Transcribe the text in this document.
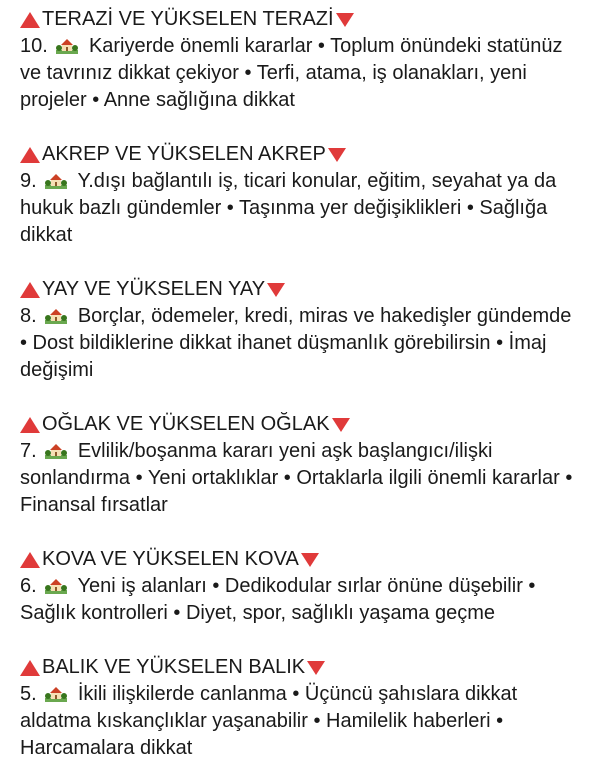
TERAZİ VE YÜKSELEN TERAZİ
10. Kariyerde önemli kararlar • Toplum önündeki statünüz ve tavrınız dikkat çekiyor • Terfi, atama, iş olanakları, yeni projeler • Anne sağlığına dikkat
AKREP VE YÜKSELEN AKREP
9. Y.dışı bağlantılı iş, ticari konular, eğitim, seyahat ya da hukuk bazlı gündemler • Taşınma yer değişiklikleri • Sağlığa dikkat
YAY VE YÜKSELEN YAY
8. Borçlar, ödemeler, kredi, miras ve hakedişler gündemde • Dost bildiklerine dikkat ihanet düşmanlık görebilirsin • İmaj değişimi
OĞLAK VE YÜKSELEN OĞLAK
7. Evlilik/boşanma kararı yeni aşk başlangıcı/ilişki sonlandırma • Yeni ortaklıklar • Ortaklarla ilgili önemli kararlar • Finansal fırsatlar
KOVA VE YÜKSELEN KOVA
6. Yeni iş alanları • Dedikodular sırlar önüne düşebilir • Sağlık kontrolleri • Diyet, spor, sağlıklı yaşama geçme
BALIK VE YÜKSELEN BALIK
5. İkili ilişkilerde canlanma • Üçüncü şahıslara dikkat aldatma kıskançlıklar yaşanabilir • Hamilelik haberleri • Harcamalara dikkat
